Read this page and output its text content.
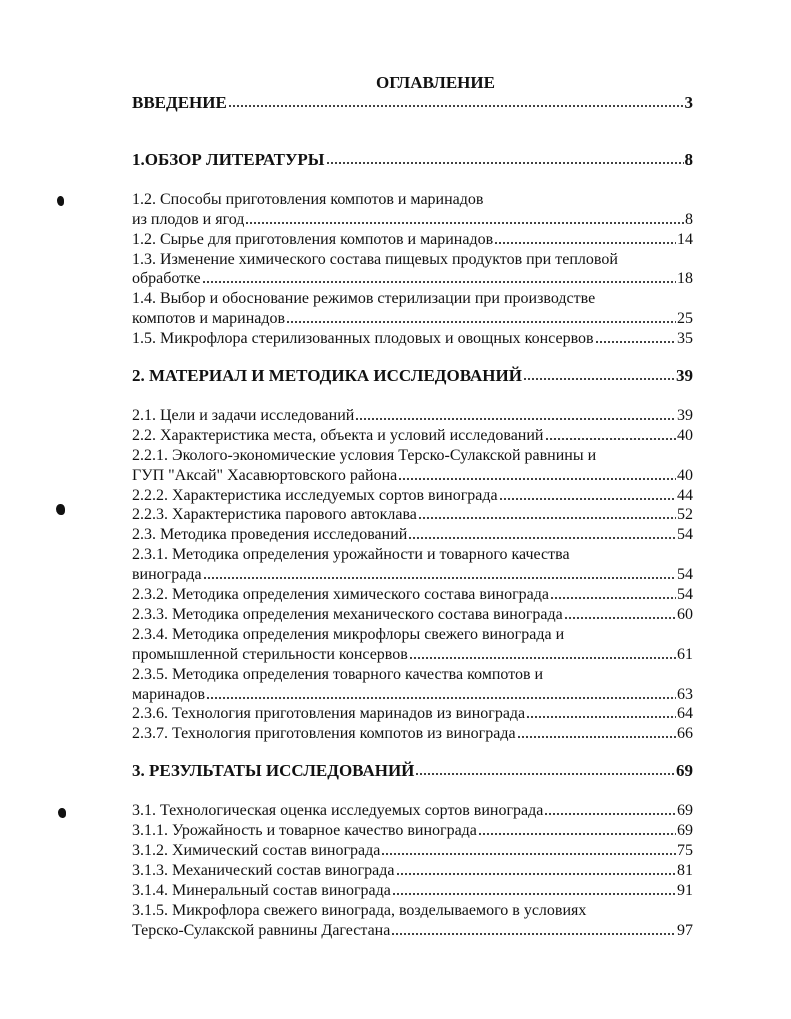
ОГЛАВЛЕНИЕ
ВВЕДЕНИЕ	3
1.ОБЗОР ЛИТЕРАТУРЫ	8
1.2. Способы приготовления компотов и маринадов
из плодов и ягод	8
1.2. Сырье для приготовления компотов и маринадов	14
1.3. Изменение химического состава пищевых продуктов при тепловой
обработке	18
1.4. Выбор и обоснование режимов стерилизации при производстве
компотов и маринадов	25
1.5. Микрофлора стерилизованных плодовых и овощных консервов	35
2. МАТЕРИАЛ И МЕТОДИКА ИССЛЕДОВАНИЙ	39
2.1. Цели и задачи исследований	39
2.2. Характеристика места, объекта и условий исследований	40
2.2.1. Эколого-экономические условия Терско-Сулакской равнины и
ГУП "Аксай" Хасавюртовского района	40
2.2.2. Характеристика исследуемых сортов винограда	44
2.2.3. Характеристика парового автоклава	52
2.3. Методика проведения исследований	54
2.3.1. Методика определения урожайности и товарного качества
винограда	54
2.3.2. Методика определения химического состава винограда	54
2.3.3. Методика определения механического состава винограда	60
2.3.4. Методика определения микрофлоры свежего винограда и
промышленной стерильности консервов	61
2.3.5. Методика определения товарного качества компотов и
маринадов	63
2.3.6. Технология приготовления маринадов из винограда	64
2.3.7. Технология приготовления компотов из винограда	66
3. РЕЗУЛЬТАТЫ ИССЛЕДОВАНИЙ	69
3.1. Технологическая оценка исследуемых сортов винограда	69
3.1.1. Урожайность и товарное качество винограда	69
3.1.2. Химический состав винограда	75
3.1.3. Механический состав винограда	81
3.1.4. Минеральный состав винограда	91
3.1.5. Микрофлора свежего винограда, возделываемого в условиях
Терско-Сулакской равнины Дагестана	97
